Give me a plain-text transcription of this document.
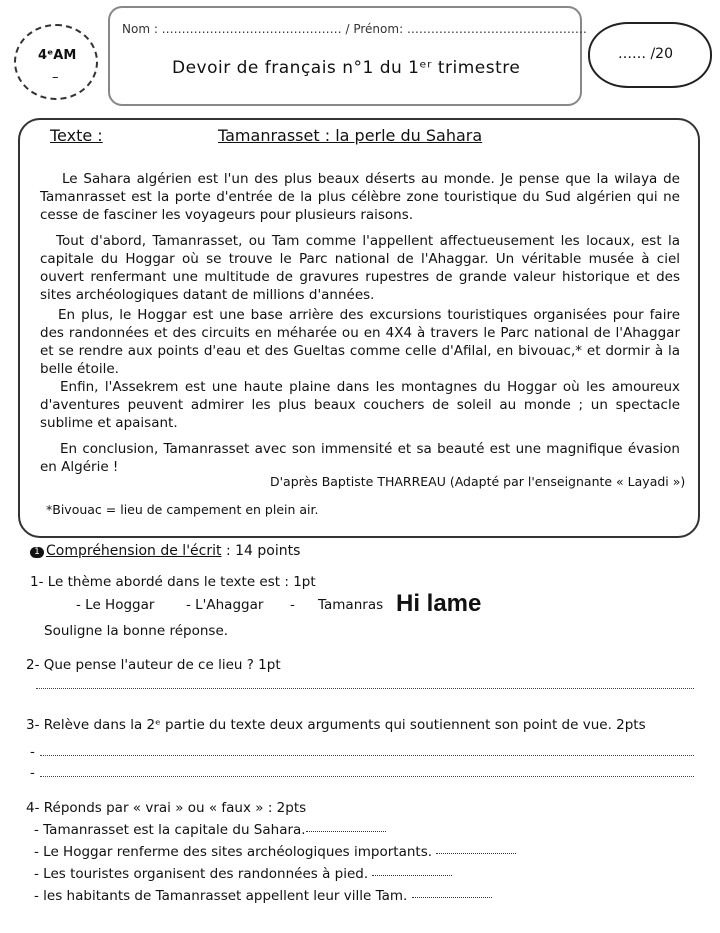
4ᵉAM
–
Nom : ……………………………………… / Prénom: ………………………………………
Devoir de français n°1 du 1ᵉʳ trimestre
…… /20
Texte :	Tamanrasset : la perle du Sahara
Le Sahara algérien est l'un des plus beaux déserts au monde. Je pense que la wilaya de Tamanrasset est la porte d'entrée de la plus célèbre zone touristique du Sud algérien qui ne cesse de fasciner les voyageurs pour plusieurs raisons.
Tout d'abord, Tamanrasset, ou Tam comme l'appellent affectueusement les locaux, est la capitale du Hoggar où se trouve le Parc national de l'Ahaggar. Un véritable musée à ciel ouvert renfermant une multitude de gravures rupestres de grande valeur historique et des sites archéologiques datant de millions d'années.
En plus, le Hoggar est une base arrière des excursions touristiques organisées pour faire des randonnées et des circuits en méharée ou en 4X4 à travers le Parc national de l'Ahaggar et se rendre aux points d'eau et des Gueltas comme celle d'Afilal, en bivouac,* et dormir à la belle étoile.
Enfin, l'Assekrem est une haute plaine dans les montagnes du Hoggar où les amoureux d'aventures peuvent admirer les plus beaux couchers de soleil au monde ; un spectacle sublime et apaisant.
En conclusion, Tamanrasset avec son immensité et sa beauté est une magnifique évasion en Algérie !
D'après Baptiste THARREAU (Adapté par l'enseignante « Layadi »)
*Bivouac = lieu de campement en plein air.
1 Compréhension de l'écrit : 14 points
1- Le thème abordé dans le texte est : 1pt
- Le Hoggar - L'Ahaggar - Tamanras Hi lame
Souligne la bonne réponse.
2- Que pense l'auteur de ce lieu ? 1pt
3- Relève dans la 2ᵉ partie du texte deux arguments qui soutiennent son point de vue. 2pts
-
-
4- Réponds par « vrai » ou « faux » : 2pts
- Tamanrasset est la capitale du Sahara.
- Le Hoggar renferme des sites archéologiques importants.
- Les touristes organisent des randonnées à pied.
- les habitants de Tamanrasset appellent leur ville Tam.
